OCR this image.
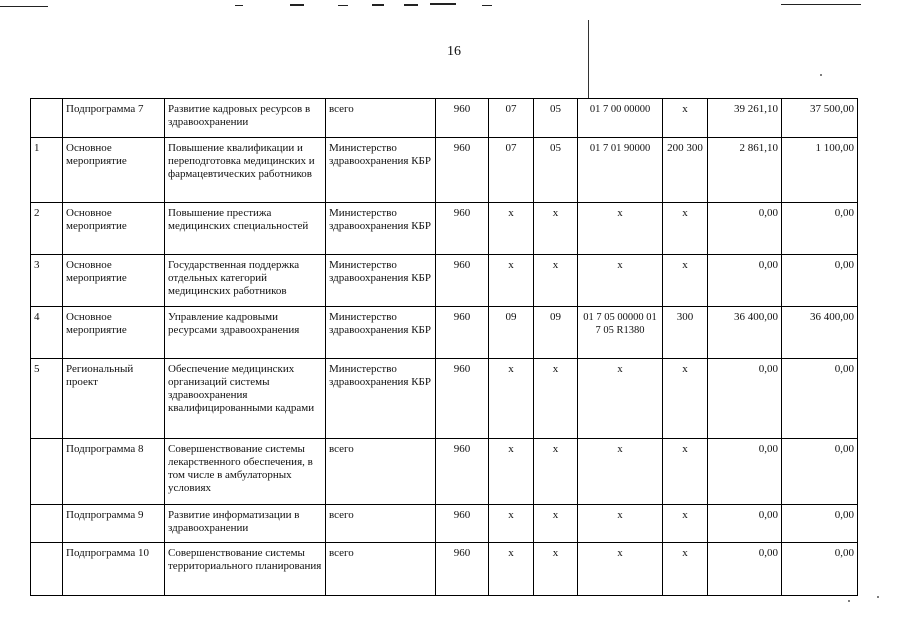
16
	Подпрограмма 7	Развитие кадровых ресурсов в здравоохранении	всего	960	07	05	01 7 00 00000	x	39 261,10	37 500,00
1	Основное мероприятие	Повышение квалификации и переподготовка медицинских и фармацевтических работников	Министерство здравоохранения КБР	960	07	05	01 7 01 90000	200 300	2 861,10	1 100,00
2	Основное мероприятие	Повышение престижа медицинских специальностей	Министерство здравоохранения КБР	960	x	x	x	x	0,00	0,00
3	Основное мероприятие	Государственная поддержка отдельных категорий медицинских работников	Министерство здравоохранения КБР	960	x	x	x	x	0,00	0,00
4	Основное мероприятие	Управление кадровыми ресурсами здравоохранения	Министерство здравоохранения КБР	960	09	09	01 7 05 00000 01 7 05 R1380	300	36 400,00	36 400,00
5	Региональный проект	Обеспечение медицинских организаций системы здравоохранения квалифицированными кадрами	Министерство здравоохранения КБР	960	x	x	x	x	0,00	0,00
	Подпрограмма 8	Совершенствование системы лекарственного обеспечения, в том числе в амбулаторных условиях	всего	960	x	x	x	x	0,00	0,00
	Подпрограмма 9	Развитие информатизации в здравоохранении	всего	960	x	x	x	x	0,00	0,00
	Подпрограмма 10	Совершенствование системы территориального планирования	всего	960	x	x	x	x	0,00	0,00
